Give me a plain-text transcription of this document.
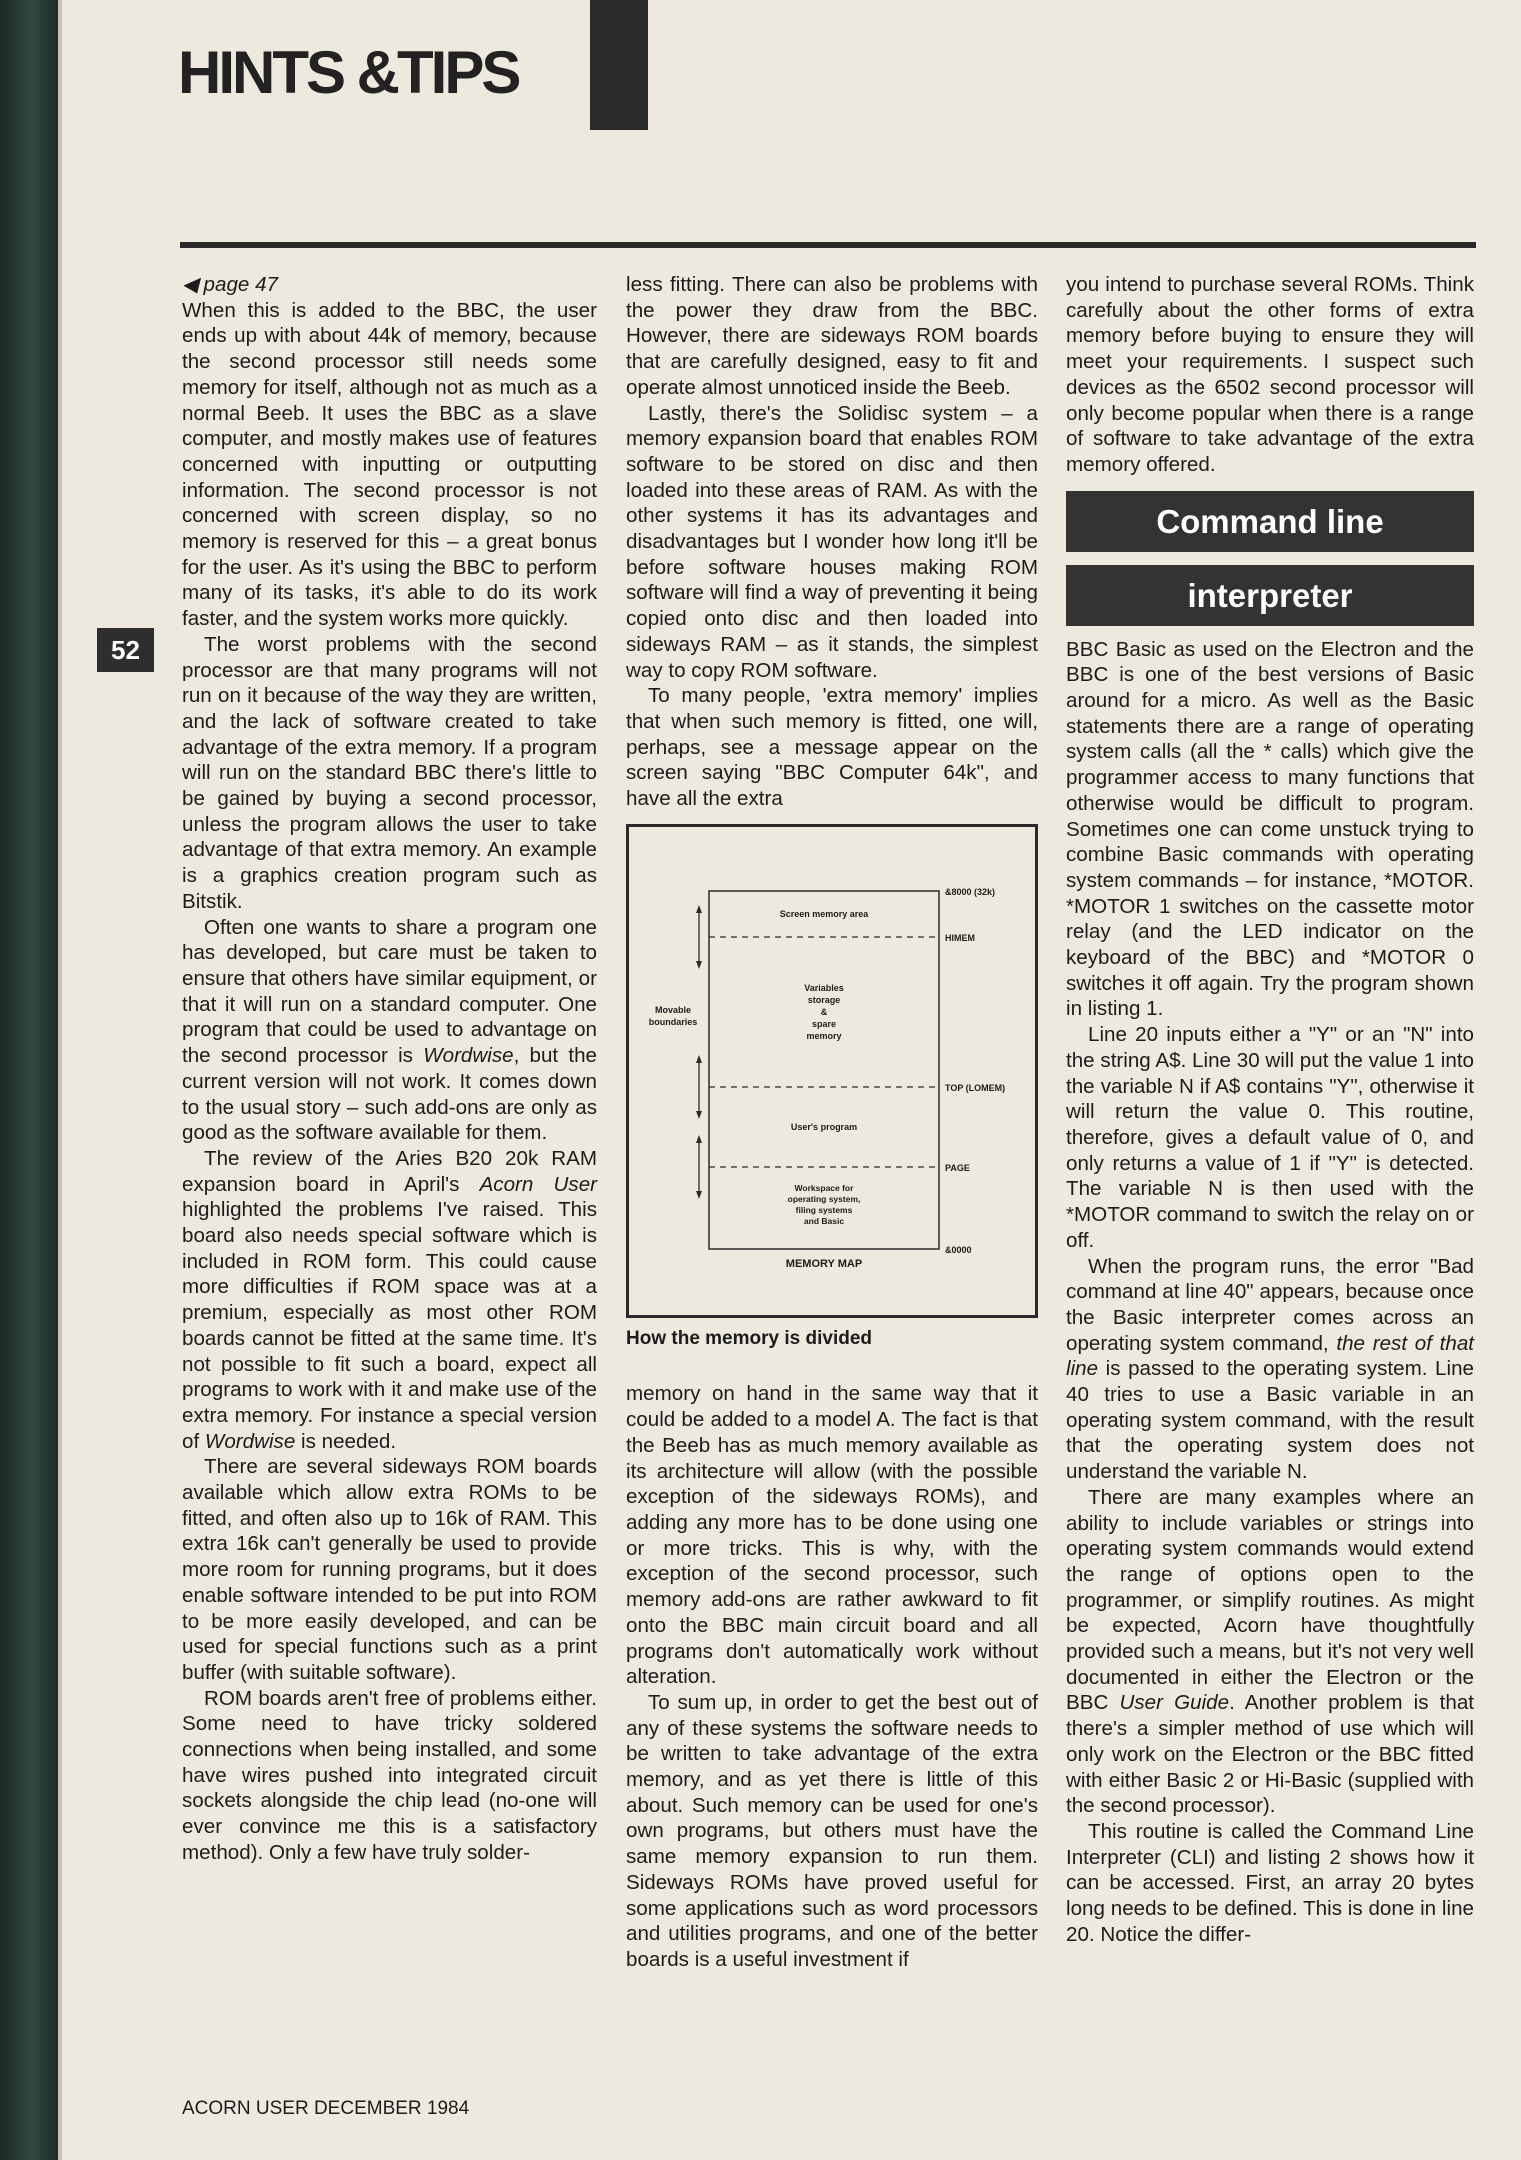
HINTS &TIPS
52

◀ page 47

When this is added to the BBC, the user ends up with about 44k of memory, because the second processor still needs some memory for itself, although not as much as a normal Beeb. It uses the BBC as a slave computer, and mostly makes use of features concerned with inputting or outputting information. The second processor is not concerned with screen display, so no memory is reserved for this – a great bonus for the user. As it's using the BBC to perform many of its tasks, it's able to do its work faster, and the system works more quickly.

The worst problems with the second processor are that many programs will not run on it because of the way they are written, and the lack of software created to take advantage of the extra memory. If a program will run on the standard BBC there's little to be gained by buying a second processor, unless the program allows the user to take advantage of that extra memory. An example is a graphics creation program such as Bitstik.

Often one wants to share a program one has developed, but care must be taken to ensure that others have similar equipment, or that it will run on a standard computer. One program that could be used to advantage on the second processor is Wordwise, but the current version will not work. It comes down to the usual story – such add-ons are only as good as the software available for them.

The review of the Aries B20 20k RAM expansion board in April's Acorn User highlighted the problems I've raised. This board also needs special software which is included in ROM form. This could cause more difficulties if ROM space was at a premium, especially as most other ROM boards cannot be fitted at the same time. It's not possible to fit such a board, expect all programs to work with it and make use of the extra memory. For instance a special version of Wordwise is needed.

There are several sideways ROM boards available which allow extra ROMs to be fitted, and often also up to 16k of RAM. This extra 16k can't generally be used to provide more room for running programs, but it does enable software intended to be put into ROM to be more easily developed, and can be used for special functions such as a print buffer (with suitable software).

ROM boards aren't free of problems either. Some need to have tricky soldered connections when being installed, and some have wires pushed into integrated circuit sockets alongside the chip lead (no-one will ever convince me this is a satisfactory method). Only a few have truly solder-

less fitting. There can also be problems with the power they draw from the BBC. However, there are sideways ROM boards that are carefully designed, easy to fit and operate almost unnoticed inside the Beeb.

Lastly, there's the Solidisc system – a memory expansion board that enables ROM software to be stored on disc and then loaded into these areas of RAM. As with the other systems it has its advantages and disadvantages but I wonder how long it'll be before software houses making ROM software will find a way of preventing it being copied onto disc and then loaded into sideways RAM – as it stands, the simplest way to copy ROM software.

To many people, 'extra memory' implies that when such memory is fitted, one will, perhaps, see a message appear on the screen saying "BBC Computer 64k", and have all the extra

&8000 (32k)
HIMEM
TOP (LOMEM)
PAGE
&0000
Screen memory area
Variables
storage
&
spare
memory
User's program
Workspace for
operating system,
filing systems
and Basic
Movable
boundaries
MEMORY MAP
How the memory is divided

memory on hand in the same way that it could be added to a model A. The fact is that the Beeb has as much memory available as its architecture will allow (with the possible exception of the sideways ROMs), and adding any more has to be done using one or more tricks. This is why, with the exception of the second processor, such memory add-ons are rather awkward to fit onto the BBC main circuit board and all programs don't automatically work without alteration.

To sum up, in order to get the best out of any of these systems the software needs to be written to take advantage of the extra memory, and as yet there is little of this about. Such memory can be used for one's own programs, but others must have the same memory expansion to run them. Sideways ROMs have proved useful for some applications such as word processors and utilities programs, and one of the better boards is a useful investment if

you intend to purchase several ROMs. Think carefully about the other forms of extra memory before buying to ensure they will meet your requirements. I suspect such devices as the 6502 second processor will only become popular when there is a range of software to take advantage of the extra memory offered.

Command line
interpreter

BBC Basic as used on the Electron and the BBC is one of the best versions of Basic around for a micro. As well as the Basic statements there are a range of operating system calls (all the * calls) which give the programmer access to many functions that otherwise would be difficult to program. Sometimes one can come unstuck trying to combine Basic commands with operating system commands – for instance, *MOTOR. *MOTOR 1 switches on the cassette motor relay (and the LED indicator on the keyboard of the BBC) and *MOTOR 0 switches it off again. Try the program shown in listing 1.

Line 20 inputs either a "Y" or an "N" into the string A$. Line 30 will put the value 1 into the variable N if A$ contains "Y", otherwise it will return the value 0. This routine, therefore, gives a default value of 0, and only returns a value of 1 if "Y" is detected. The variable N is then used with the *MOTOR command to switch the relay on or off.

When the program runs, the error "Bad command at line 40" appears, because once the Basic interpreter comes across an operating system command, the rest of that line is passed to the operating system. Line 40 tries to use a Basic variable in an operating system command, with the result that the operating system does not understand the variable N.

There are many examples where an ability to include variables or strings into operating system commands would extend the range of options open to the programmer, or simplify routines. As might be expected, Acorn have thoughtfully provided such a means, but it's not very well documented in either the Electron or the BBC User Guide. Another problem is that there's a simpler method of use which will only work on the Electron or the BBC fitted with either Basic 2 or Hi-Basic (supplied with the second processor).

This routine is called the Command Line Interpreter (CLI) and listing 2 shows how it can be accessed. First, an array 20 bytes long needs to be defined. This is done in line 20. Notice the differ-

ACORN USER DECEMBER 1984
